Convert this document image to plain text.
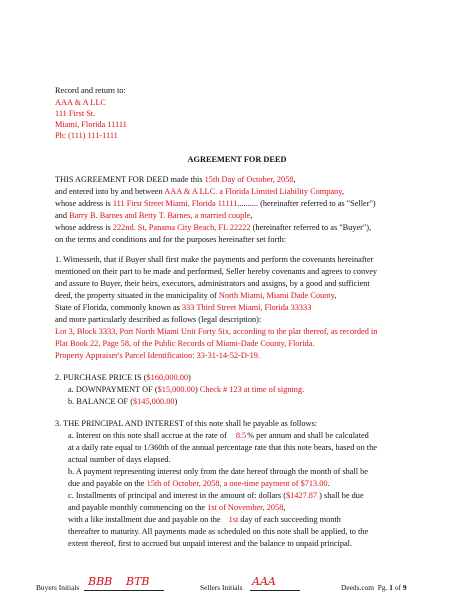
Record and return to:
AAA & A LLC
111 First St.
Miami, Florida 11111
Ph: (111) 111-1111
AGREEMENT FOR DEED
THIS AGREEMENT FOR DEED made this 15th Day of October, 2058,
and entered into by and between AAA & A LLC. a Florida Limited Liability Company,
whose address is 111 First Street Miami, Florida 11111.......... (hereinafter referred to as "Seller")
and Barry B. Barnes and Betty T. Barnes, a married couple,
whose address is 222nd. St, Panama City Beach, FL 22222 (hereinafter referred to as "Buyer"),
on the terms and conditions and for the purposes hereinafter set forth:
1. Witnesseth, that if Buyer shall first make the payments and perform the covenants hereinafter
mentioned on their part to be made and performed, Seller hereby covenants and agrees to convey
and assure to Buyer, their heirs, executors, administrators and assigns, by a good and sufficient
deed, the property situated in the municipality of North Miami, Miami Dade County,
State of Florida, commonly known as 333 Third Street Miami, Florida 33333
and more particularly described as follows (legal description):
Lot 3, Block 3333, Port North Miami Unit Forty Six, according to the plat thereof, as recorded in
Plat Book 22, Page 58, of the Public Records of Miami-Dade County, Florida.
Property Appraiser's Parcel Identification: 33-31-14-52-D-19.
2. PURCHASE PRICE IS ($160,000.00)
a. DOWNPAYMENT OF ($15,000.00) Check # 123 at time of signing.
b. BALANCE OF ($145,000.00)
3. THE PRINCIPAL AND INTEREST of this note shall be payable as follows:
a. Interest on this note shall accrue at the rate of 8.5% per annum and shall be calculated
at a daily rate equal to 1/360th of the annual percentage rate that this note bears, based on the
actual number of days elapsed.
b. A payment representing interest only from the date hereof through the month of shall be
due and payable on the 15th of October, 2058, a one-time payment of $713.00.
c. Installments of principal and interest in the amount of: dollars ($1427.87 ) shall be due
and payable monthly commencing on the 1st of November, 2058,
with a like installment due and payable on the 1st day of each succeeding month
thereafter to maturity. All payments made as scheduled on this note shall be applied, to the
extent thereof, first to accrued but unpaid interest and the balance to unpaid principal.
Buyers Initials BBB BTB	Sellers Initials AAA	Deeds.com Pg. 1 of 9
